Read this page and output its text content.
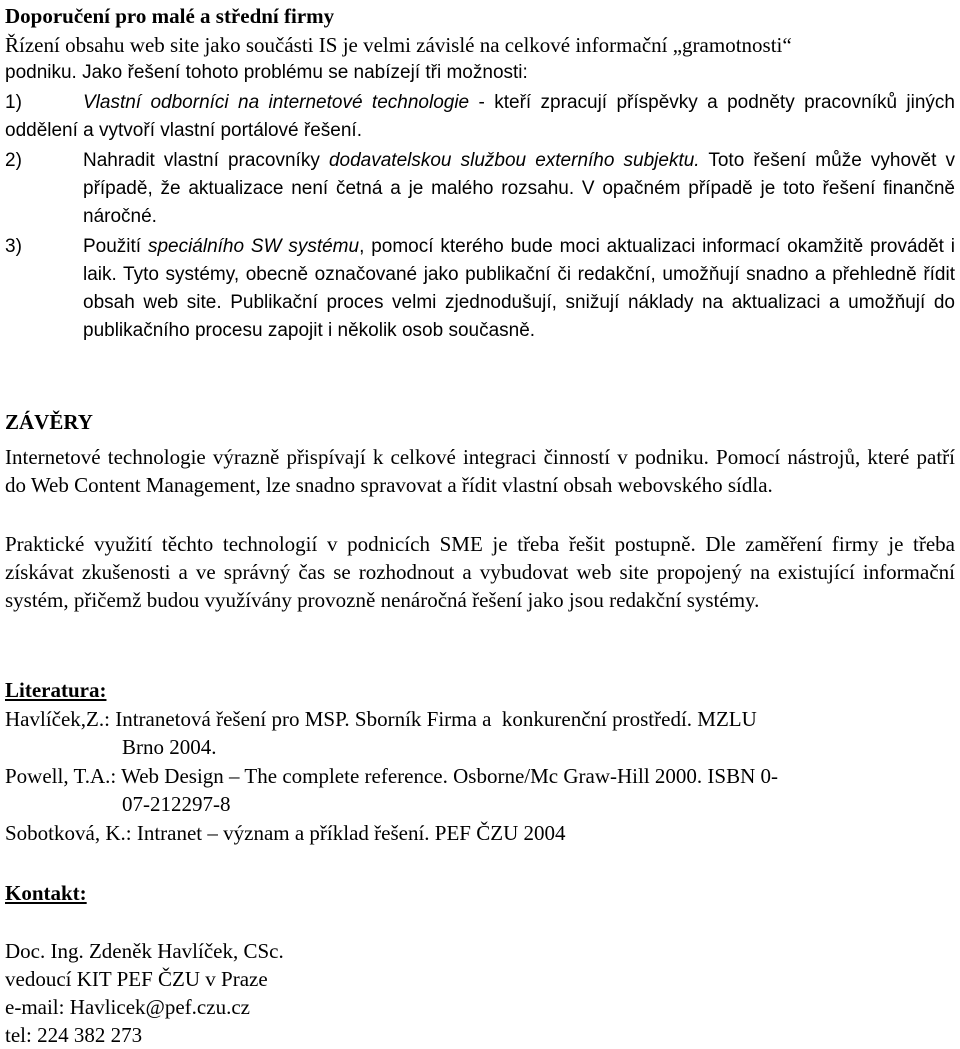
Doporučení pro malé a střední firmy
Řízení obsahu web site jako součásti IS je velmi závislé na celkové informační „gramotnosti“
podniku. Jako řešení tohoto problému se nabízejí tři možnosti:
1)	Vlastní odborníci na internetové technologie - kteří zpracují příspěvky a podněty pracovníků jiných oddělení a vytvoří vlastní portálové řešení.
2)	Nahradit vlastní pracovníky dodavatelskou službou externího subjektu. Toto řešení může vyhovět v případě, že aktualizace není četná a je malého rozsahu. V opačném případě je toto řešení finančně náročné.
3)	Použití speciálního SW systému, pomocí kterého bude moci aktualizaci informací okamžitě provádět i laik. Tyto systémy, obecně označované jako publikační či redakční, umožňují snadno a přehledně řídit obsah web site. Publikační proces velmi zjednodušují, snižují náklady na aktualizaci a umožňují do publikačního procesu zapojit i několik osob současně.
ZÁVĚRY
Internetové technologie výrazně přispívají k celkové integraci činností v podniku. Pomocí nástrojů, které patří do Web Content Management, lze snadno spravovat a řídit vlastní obsah webovského sídla.
Praktické využití těchto technologií v podnicích SME je třeba řešit postupně. Dle zaměření firmy je třeba získávat zkušenosti a ve správný čas se rozhodnout a vybudovat web site propojený na existující informační systém, přičemž budou využívány provozně nenáročná řešení jako jsou redakční systémy.
Literatura:
Havlíček,Z.: Intranetová řešení pro MSP. Sborník Firma a  konkurenční prostředí. MZLU
Brno 2004.
Powell, T.A.: Web Design – The complete reference. Osborne/Mc Graw-Hill 2000. ISBN 0-
07-212297-8
Sobotková, K.: Intranet – význam a příklad řešení. PEF ČZU 2004
Kontakt:
Doc. Ing. Zdeněk Havlíček, CSc.
vedoucí KIT PEF ČZU v Praze
e-mail: Havlicek@pef.czu.cz
tel: 224 382 273
